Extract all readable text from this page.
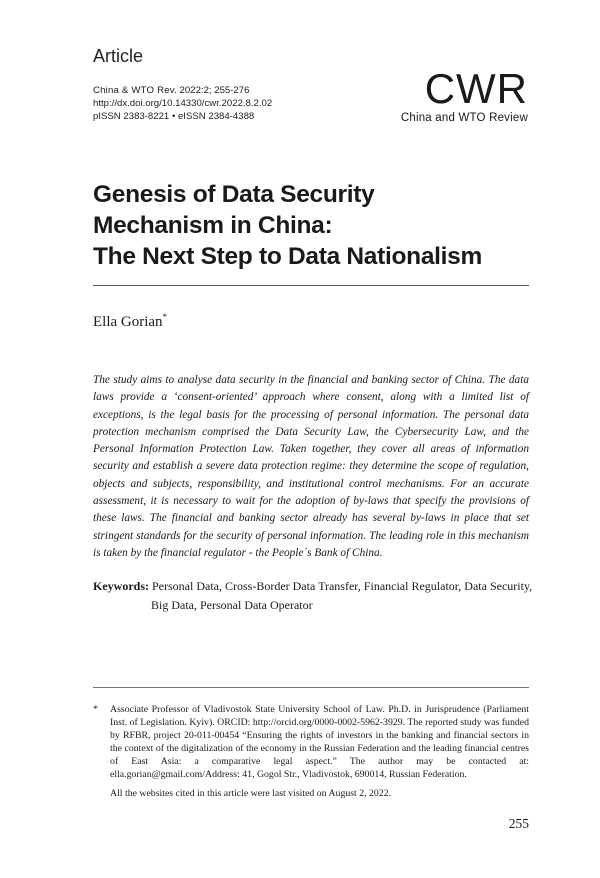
Article
China & WTO Rev. 2022:2; 255-276
http://dx.doi.org/10.14330/cwr.2022.8.2.02
pISSN 2383-8221 • eISSN 2384-4388
CWR
China and WTO Review
Genesis of Data Security
Mechanism in China:
The Next Step to Data Nationalism
Ella Gorian*
The study aims to analyse data security in the financial and banking sector of China. The data laws provide a ‘consent-oriented’ approach where consent, along with a limited list of exceptions, is the legal basis for the processing of personal information. The personal data protection mechanism comprised the Data Security Law, the Cybersecurity Law, and the Personal Information Protection Law. Taken together, they cover all areas of information security and establish a severe data protection regime: they determine the scope of regulation, objects and subjects, responsibility, and institutional control mechanisms. For an accurate assessment, it is necessary to wait for the adoption of by-laws that specify the provisions of these laws. The financial and banking sector already has several by-laws in place that set stringent standards for the security of personal information. The leading role in this mechanism is taken by the financial regulator - the People´s Bank of China.
Keywords: Personal Data, Cross-Border Data Transfer, Financial Regulator, Data Security,
Big Data, Personal Data Operator
*	Associate Professor of Vladivostok State University School of Law. Ph.D. in Jurisprudence (Parliament Inst. of Legislation. Kyiv). ORCID: http://orcid.org/0000-0002-5962-3929. The reported study was funded by RFBR, project 20-011-00454 “Ensuring the rights of investors in the banking and financial sectors in the context of the digitalization of the economy in the Russian Federation and the leading financial centres of East Asia: a comparative legal aspect.” The author may be contacted at: ella.gorian@gmail.com/Address: 41, Gogol Str., Vladivostok, 690014, Russian Federation.
All the websites cited in this article were last visited on August 2, 2022.
255
